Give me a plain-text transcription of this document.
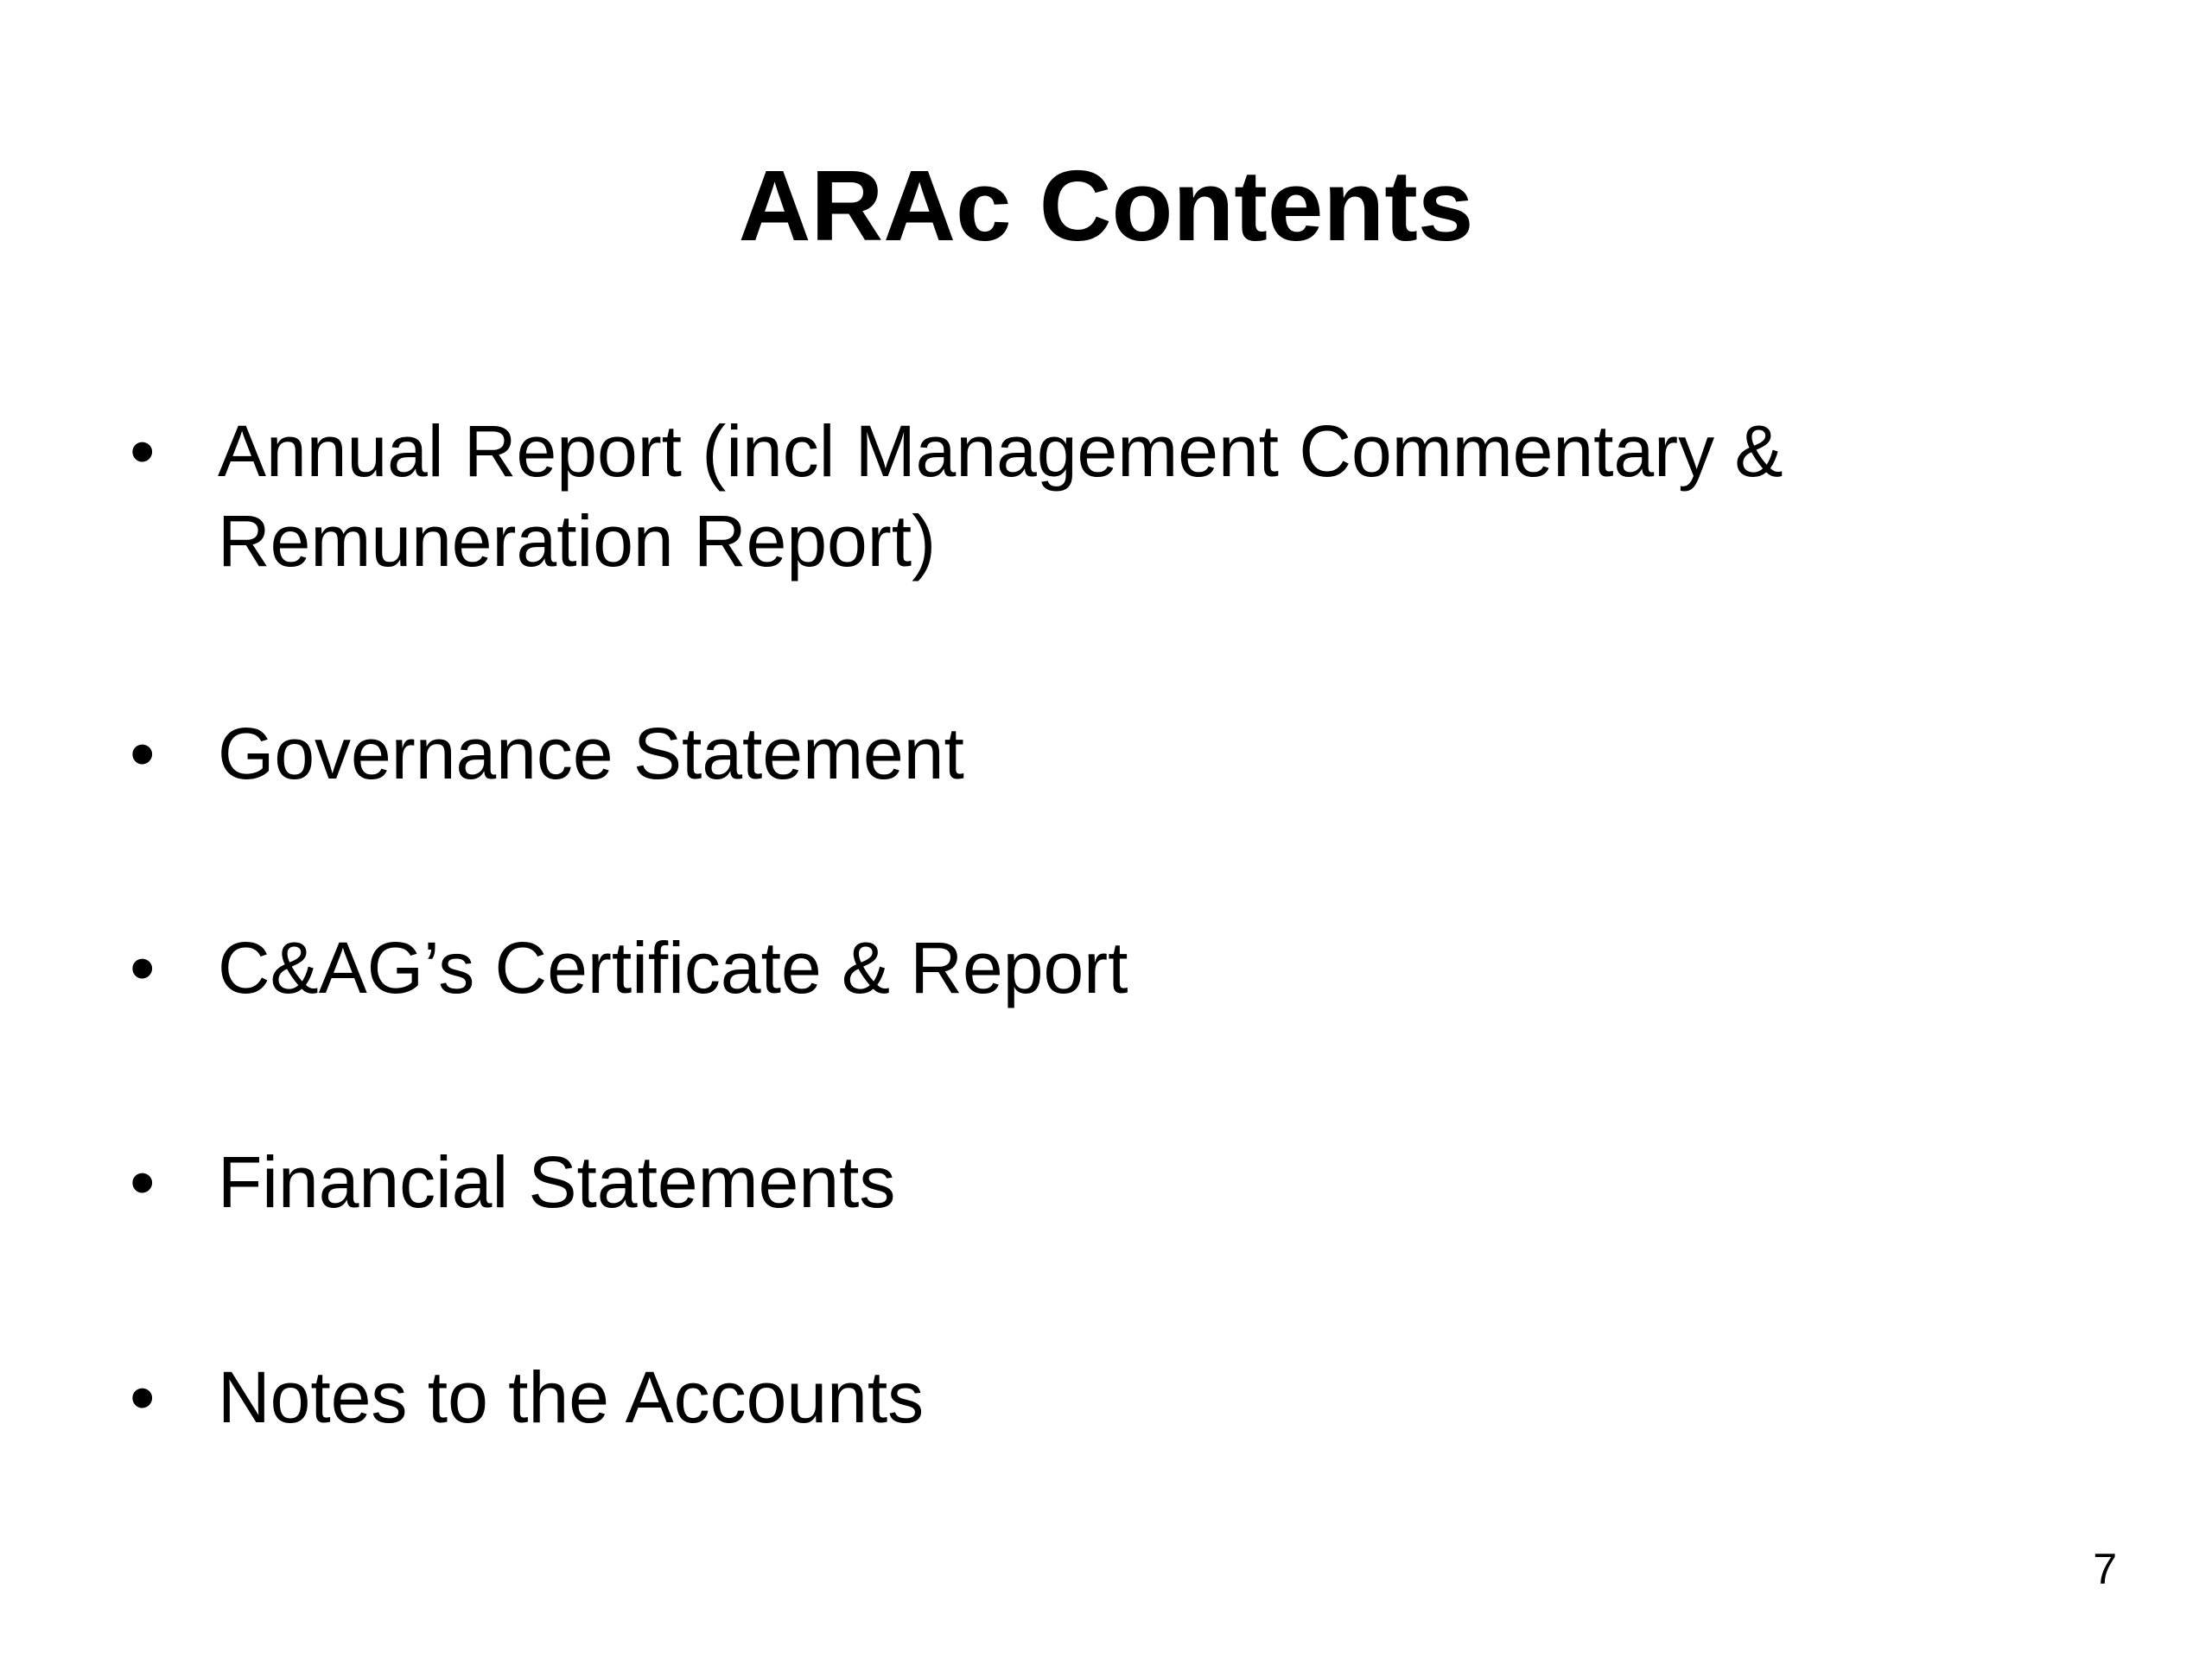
ARAc Contents
• Annual Report (incl Management Commentary & Remuneration Report)
• Governance Statement
• C&AG’s Certificate & Report
• Financial Statements
• Notes to the Accounts
7
